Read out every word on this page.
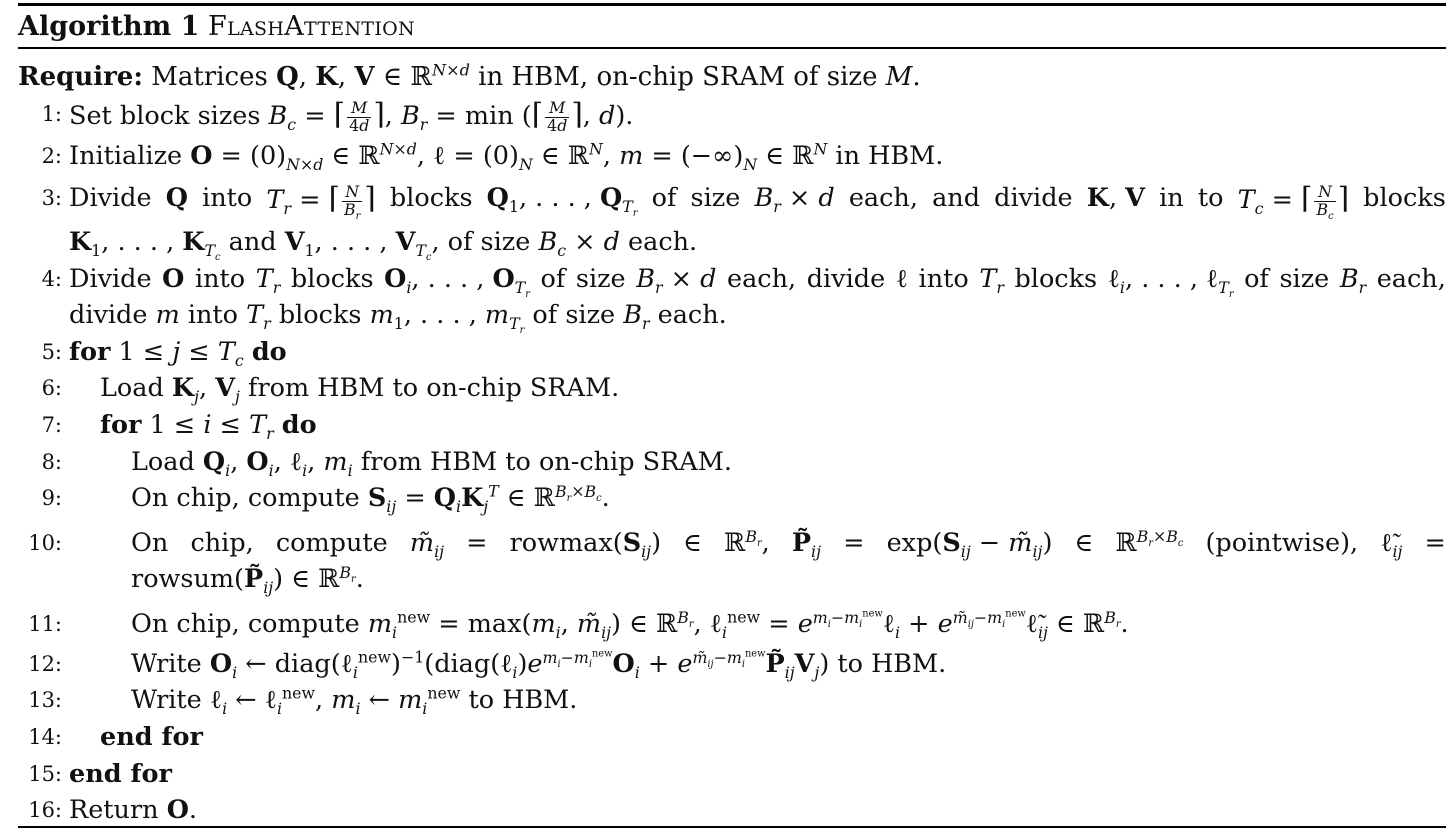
Algorithm 1 FlashAttention
Require: Matrices Q, K, V ∈ ℝ$^{N\times d}$ in HBM, on-chip SRAM of size M.
1: Set block sizes $B_c$ = ⌈ $\frac{M}{4d}$ ⌉, $B_r = \min$ (⌈ $\frac{M}{4d}$ ⌉, d).
2: Initialize $O = (0)_{N\times d}$ ∈ ℝ$^{N\times d}$, ℓ = $(0)_N$ ∈ ℝ$^N$, $m = (-\infty)_N$ ∈ ℝ$^N$ in HBM.
3: Divide Q into $T_r$ = ⌈ $\frac{N}{B_r}$ ⌉ blocks $Q_1$, . . . , $Q_{T_r}$
of size $B_r \times d$ each, and divide K, V in to $T_c$ = ⌈ $\frac{N}{B_c}$ ⌉ blocks
$K_1$, . . . , $K_{T_c}$ and $V_1$, . . . , $V_{T_c}$, of size $B_c \times d$ each.
4: Divide O into $T_r$ blocks $O_i$, . . . , $O_{T_r}$
of size $B_r \times d$ each, divide ℓ into $T_r$ blocks ℓ$_i$, . . . , ℓ$_{T_r}$
of size $B_r$ each,
divide m into $T_r$ blocks $m_1$, . . . , $m_{T_r}$ of size $B_r$ each.
5: for $1 \le j \le T_c$ do
6: Load $K_j$, $V_j$ from HBM to on-chip SRAM.
7: for $1 \le i \le T_r$ do
8:	Load $Q_i$, $O_i$, ℓ$_i$, $m_i$ from HBM to on-chip SRAM.
9:	On chip, compute $S_{ij} = Q_iK_j^T$ ∈ ℝ$^{B_r\times B_c}$.
10:	On chip, compute $m̃_{ij} = rowmax(S_{ij})$ ∈ ℝ$^{B_r}$, $P̃_{ij} = \exp(S_{ij}$ − $m̃_{ij}$) ∈ ℝ$^{B_r\times B_c}$ (pointwise), $\ell̃_{ij}$ =
$rowsum(P̃_{ij})$ ∈ ℝ$^{B_r}$.
11:	On chip, compute $m_i^{new} = \max(m_i$, $m̃_{ij}$) ∈ ℝ$^{B_r}$, ℓ$_i^{new}$ = $e^{m_i-m_i^{new}}\ell_i$ + $e^{m̃_{ij}-m_i^{new}}\ell̃_{ij}$ ∈ ℝ$^{B_r}$.
12:	Write $O_i$ ← $diag(\ell_i^{new})^{-1}(diag(\ell_i)e^{m_i-m_i^{new}}O_i$ + $e^{m̃_{ij}-m_i^{new}}P̃_{ij}V_j$) to HBM.
13:	Write ℓ$_i$ ← ℓ$_i^{new}$, $m_i$ ← $m_i^{new}$ to HBM.
14: end for
15: end for
16: Return O.
